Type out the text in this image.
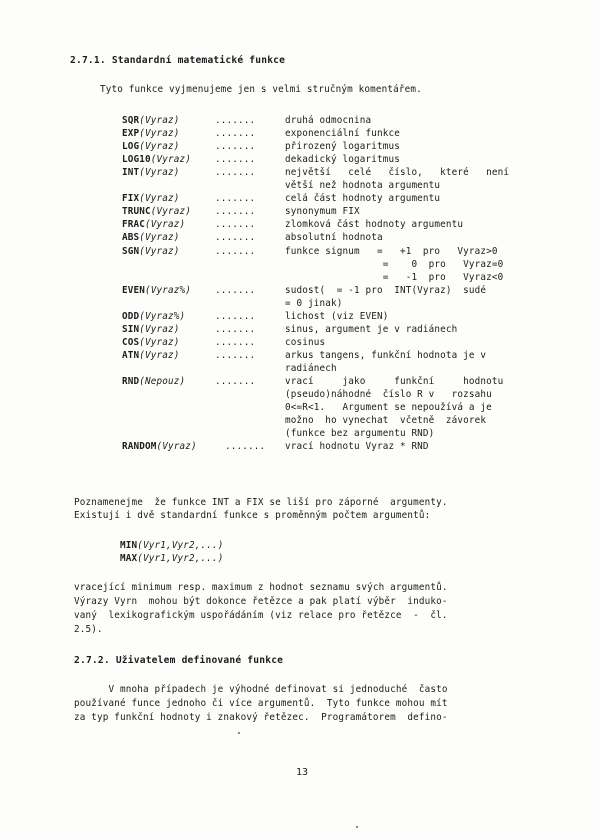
2.7.1. Standardní matematické funkce
Tyto funkce vyjmenujeme jen s velmi stručným komentářem.
SQR(Vyraz)	.......	druhá odmocnina
EXP(Vyraz)	.......	exponenciální funkce
LOG(Vyraz)	.......	přirozený logaritmus
LOG10(Vyraz)	.......	dekadický logaritmus
INT(Vyraz)	.......	největší   celé   číslo,   které   není
větší než hodnota argumentu
FIX(Vyraz)	.......	celá část hodnoty argumentu
TRUNC(Vyraz)	.......	synonymum FIX
FRAC(Vyraz)	.......	zlomková část hodnoty argumentu
ABS(Vyraz)	.......	absolutní hodnota
SGN(Vyraz)	.......	funkce signum   =   +1  pro   Vyraz>0
=    0  pro   Vyraz=0
=   -1  pro   Vyraz<0
EVEN(Vyraz%)	.......	sudost(  = -1 pro  INT(Vyraz)  sudé
= 0 jinak)
ODD(Vyraz%)	.......	lichost (viz EVEN)
SIN(Vyraz)	.......	sinus, argument je v radiánech
COS(Vyraz)	.......	cosinus
ATN(Vyraz)	.......	arkus tangens, funkční hodnota je v
radiánech
RND(Nepouz)	.......	vrací     jako     funkční     hodnotu
(pseudo)náhodné  číslo R v   rozsahu
0<=R<1.   Argument se nepoužívá a je
možno  ho vynechat  včetně  závorek
(funkce bez argumentu RND)
RANDOM(Vyraz)	....... vrací hodnotu Vyraz * RND
Poznamenejme  že funkce INT a FIX se liší pro záporné  argumenty.
Existují i dvě standardní funkce s proměnným počtem argumentů:
MIN(Vyr1,Vyr2,...)
MAX(Vyr1,Vyr2,...)
vracející minimum resp. maximum z hodnot seznamu svých argumentů.
Výrazy Vyrn  mohou být dokonce řetězce a pak platí výběr  induko-
vaný  lexikografickým uspořádáním (viz relace pro řetězce  -  čl.
2.5).
2.7.2. Uživatelem definované funkce
V mnoha případech je výhodné definovat si jednoduché  často
používané funce jednoho či více argumentů.  Tyto funkce mohou mít
za typ funkční hodnoty i znakový řetězec.  Programátorem  defino-
13
